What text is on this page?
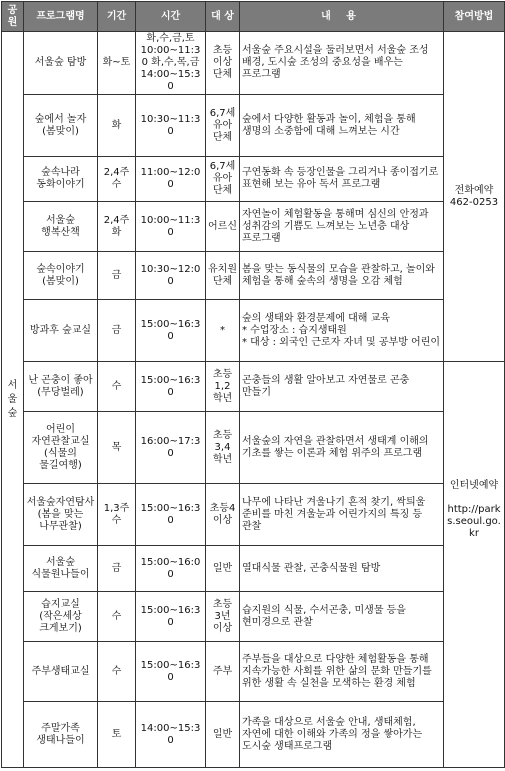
공원	프로그램명	기간	시간	대 상	내 용	참여방법
서 울 숲	서울숲 탐방	화~토	화,수,금,토 10:00~11:30 화,수,목,금 14:00~15:30	초등 이상 단체	서울숲 주요시설을 둘러보면서 서울숲 조성 배경, 도시숲 조성의 중요성을 배우는 프로그램	전화예약 462-0253
	숲에서 놀자 (봄맞이)	화	10:30~11:30	6,7세 유아 단체	숲에서 다양한 활동과 놀이, 체험을 통해 생명의 소중함에 대해 느껴보는 시간	
	숲속나라 동화이야기	2,4주 수	11:00~12:00	6,7세 유아 단체	구연동화 속 등장인물을 그리거나 종이접기로 표현해 보는 유아 독서 프로그램	
	서울숲 행복산책	2,4주 화	10:00~11:30	어르신	자연놀이 체험활동을 통해며 심신의 안정과 성취감의 기쁨도 느껴보는 노년층 대상 프로그램	
	숲속이야기 (봄맞이)	금	10:30~12:00	유치원 단체	봄을 맞는 동식물의 모습을 관찰하고, 놀이와 체험을 통해 숲속의 생명을 오감 체험	
	방과후 숲교실	금	15:00~16:30	*	숲의 생태와 환경문제에 대해 교육
* 수업장소 : 습지생태원
* 대상 : 외국인 근로자 자녀 및 공부방 어린이	
	난 곤충이 좋아 (무당벌레)	수	15:00~16:30	초등 1,2 학년	곤충들의 생활 알아보고 자연물로 곤충 만들기	인터넷예약

http://parks.seoul.go.kr
	어린이 자연관찰교실 (식물의 물길여행)	목	16:00~17:30	초등 3,4 학년	서울숲의 자연을 관찰하면서 생태계 이해의 기초를 쌓는 이론과 체험 위주의 프로그램	
	서울숲자연탐사 (봄을 맞는 나무관찰)	1,3주 수	15:00~16:30	초등4 이상	나무에 나타난 겨울나기 흔적 찾기, 싹틔울 준비를 마친 겨울눈과 어린가지의 특징 등 관찰	
	서울숲 식물원나들이	금	15:00~16:00	일반	열대식물 관찰, 곤충식물원 탐방	
	습지교실 (작은세상 크게보기)	수	15:00~16:30	초등 3년 이상	습지원의 식물, 수서곤충, 미생물 등을 현미경으로 관찰	
	주부생태교실	수	15:00~16:30	주부	주부들을 대상으로 다양한 체험활동을 통해 지속가능한 사회를 위한 삶의 문화 만들기를 위한 생활 속 실천을 모색하는 환경 체험	
	주말가족 생태나들이	토	14:00~15:30	일반	가족을 대상으로 서울숲 안내, 생태체험,
자연에 대한 이해와 가족의 정을 쌓아가는 도시숲 생태프로그램	
